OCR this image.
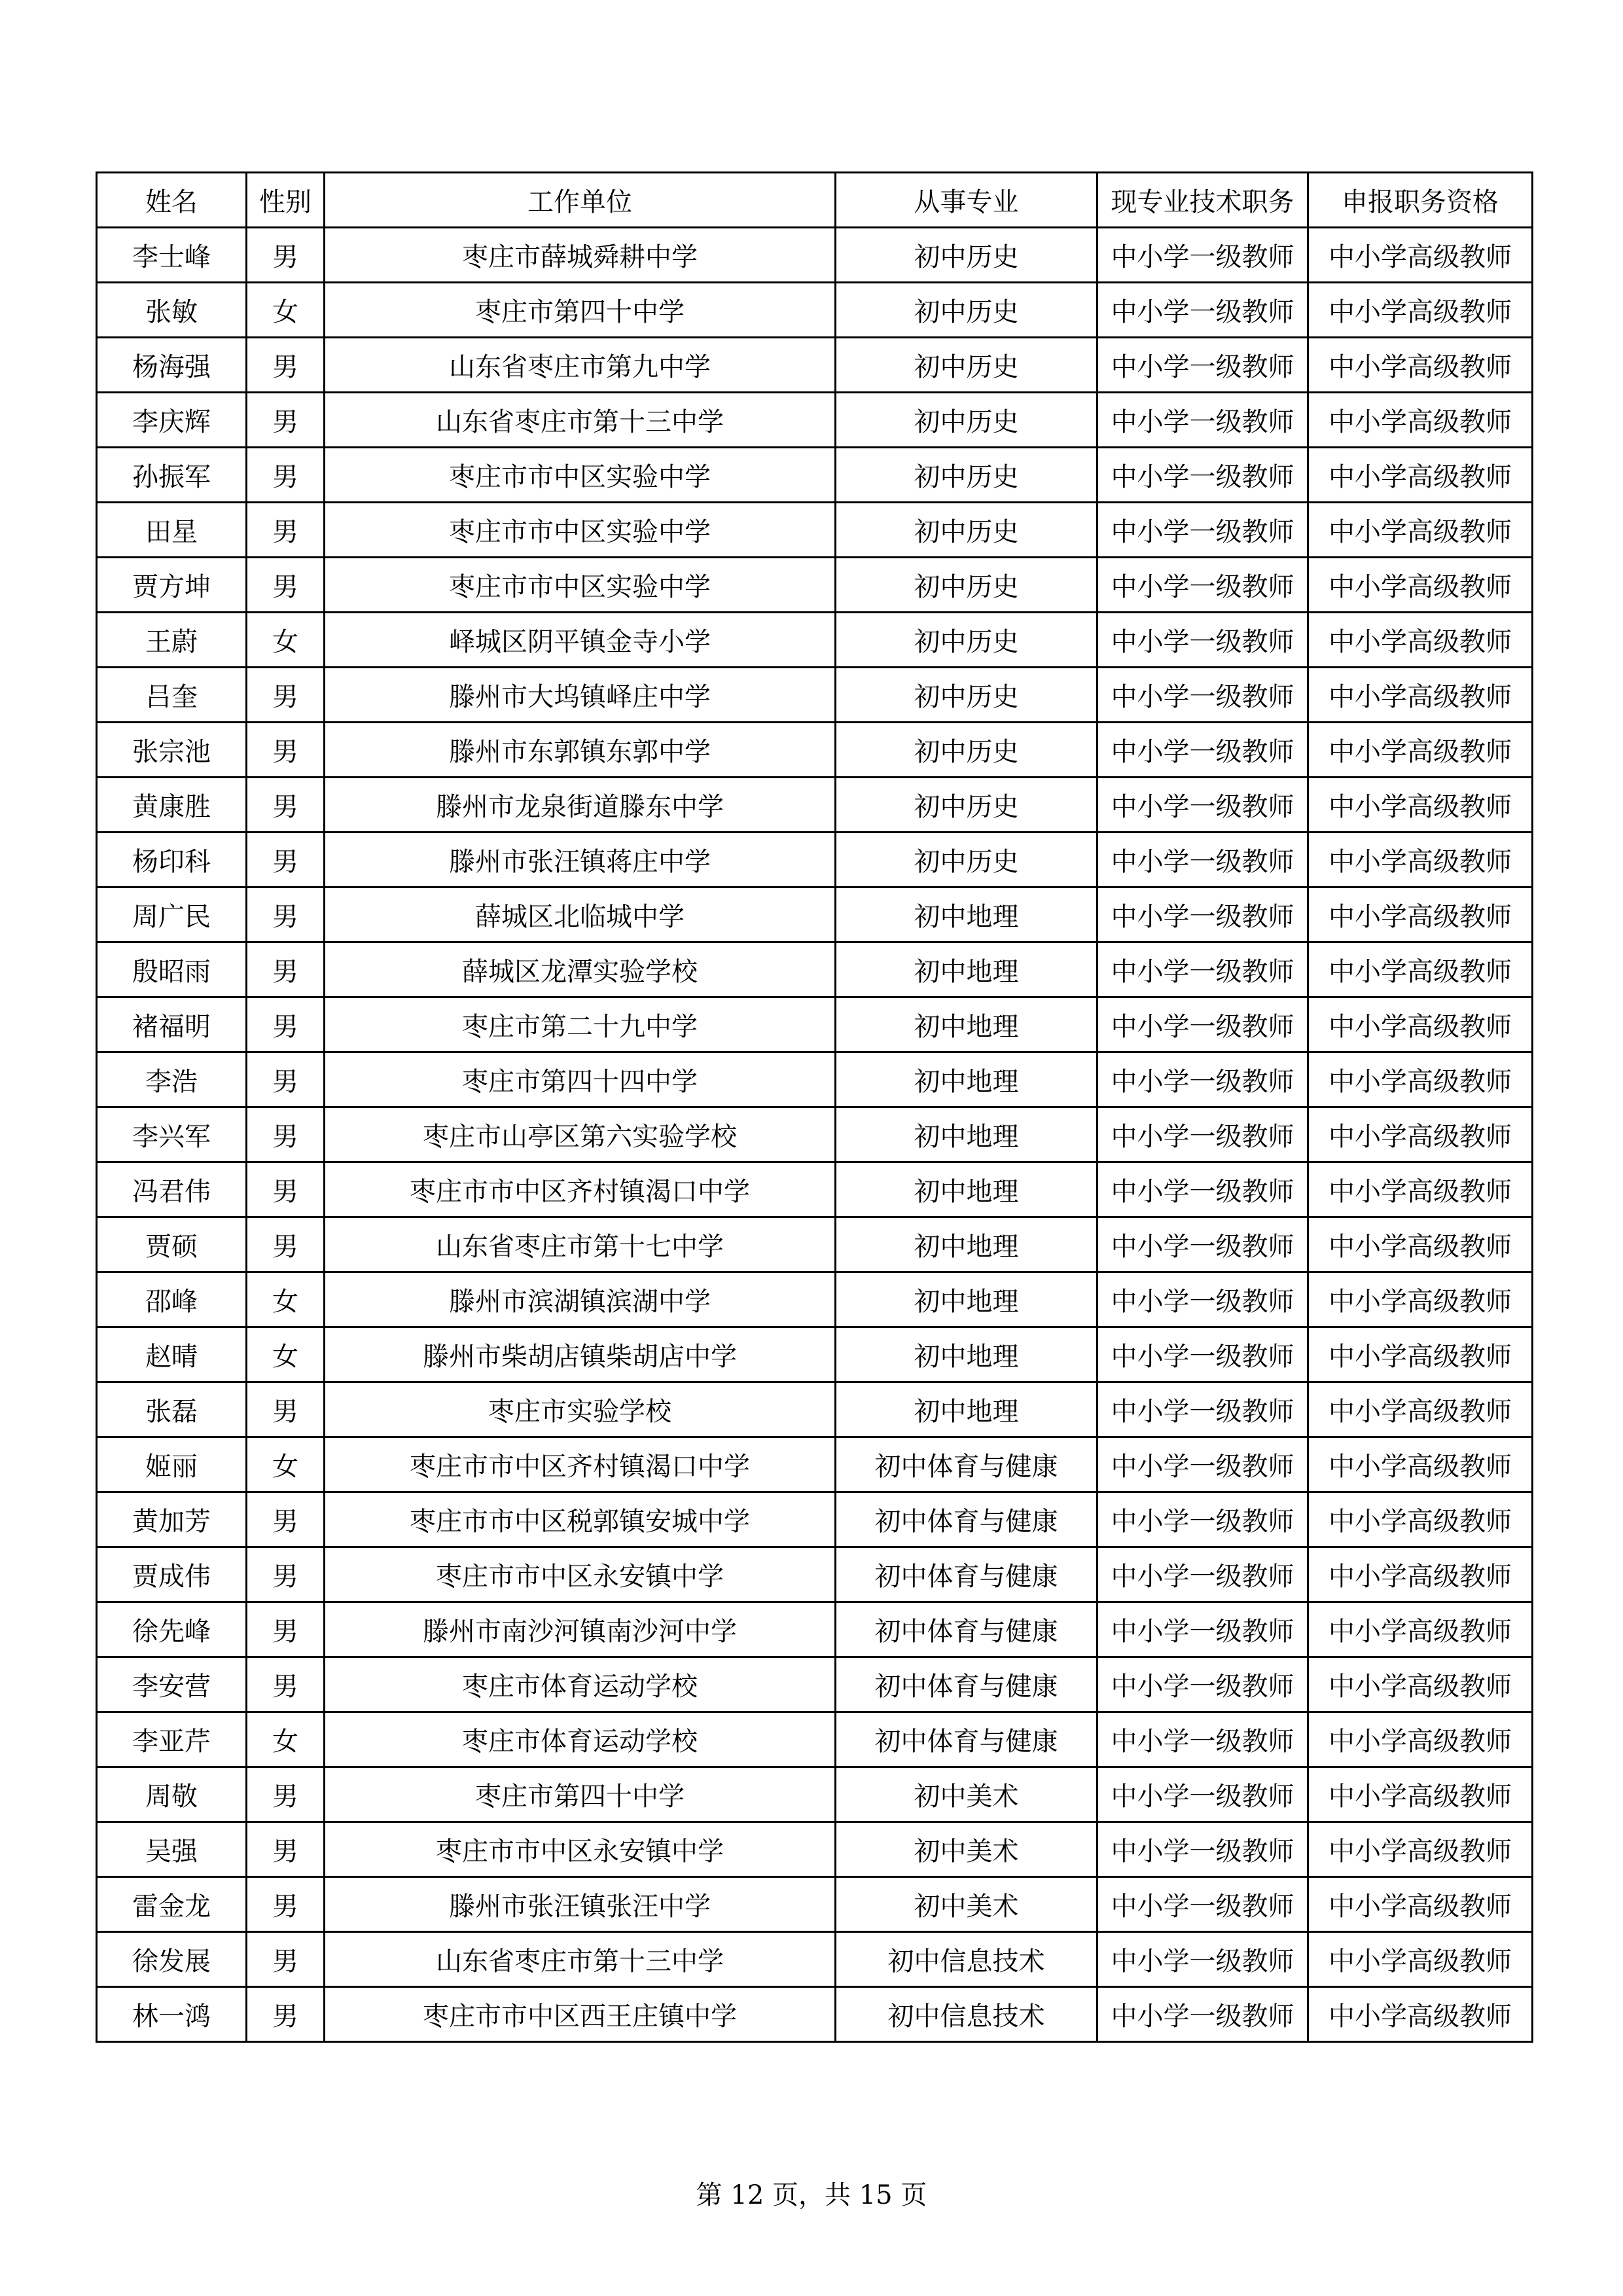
姓名	性别	工作单位	从事专业	现专业技术职务	申报职务资格
李士峰	男	枣庄市薛城舜耕中学	初中历史	中小学一级教师	中小学高级教师
张敏	女	枣庄市第四十中学	初中历史	中小学一级教师	中小学高级教师
杨海强	男	山东省枣庄市第九中学	初中历史	中小学一级教师	中小学高级教师
李庆辉	男	山东省枣庄市第十三中学	初中历史	中小学一级教师	中小学高级教师
孙振军	男	枣庄市市中区实验中学	初中历史	中小学一级教师	中小学高级教师
田星	男	枣庄市市中区实验中学	初中历史	中小学一级教师	中小学高级教师
贾方坤	男	枣庄市市中区实验中学	初中历史	中小学一级教师	中小学高级教师
王蔚	女	峄城区阴平镇金寺小学	初中历史	中小学一级教师	中小学高级教师
吕奎	男	滕州市大坞镇峄庄中学	初中历史	中小学一级教师	中小学高级教师
张宗池	男	滕州市东郭镇东郭中学	初中历史	中小学一级教师	中小学高级教师
黄康胜	男	滕州市龙泉街道滕东中学	初中历史	中小学一级教师	中小学高级教师
杨印科	男	滕州市张汪镇蒋庄中学	初中历史	中小学一级教师	中小学高级教师
周广民	男	薛城区北临城中学	初中地理	中小学一级教师	中小学高级教师
殷昭雨	男	薛城区龙潭实验学校	初中地理	中小学一级教师	中小学高级教师
褚福明	男	枣庄市第二十九中学	初中地理	中小学一级教师	中小学高级教师
李浩	男	枣庄市第四十四中学	初中地理	中小学一级教师	中小学高级教师
李兴军	男	枣庄市山亭区第六实验学校	初中地理	中小学一级教师	中小学高级教师
冯君伟	男	枣庄市市中区齐村镇渴口中学	初中地理	中小学一级教师	中小学高级教师
贾硕	男	山东省枣庄市第十七中学	初中地理	中小学一级教师	中小学高级教师
邵峰	女	滕州市滨湖镇滨湖中学	初中地理	中小学一级教师	中小学高级教师
赵晴	女	滕州市柴胡店镇柴胡店中学	初中地理	中小学一级教师	中小学高级教师
张磊	男	枣庄市实验学校	初中地理	中小学一级教师	中小学高级教师
姬丽	女	枣庄市市中区齐村镇渴口中学	初中体育与健康	中小学一级教师	中小学高级教师
黄加芳	男	枣庄市市中区税郭镇安城中学	初中体育与健康	中小学一级教师	中小学高级教师
贾成伟	男	枣庄市市中区永安镇中学	初中体育与健康	中小学一级教师	中小学高级教师
徐先峰	男	滕州市南沙河镇南沙河中学	初中体育与健康	中小学一级教师	中小学高级教师
李安营	男	枣庄市体育运动学校	初中体育与健康	中小学一级教师	中小学高级教师
李亚芹	女	枣庄市体育运动学校	初中体育与健康	中小学一级教师	中小学高级教师
周敬	男	枣庄市第四十中学	初中美术	中小学一级教师	中小学高级教师
吴强	男	枣庄市市中区永安镇中学	初中美术	中小学一级教师	中小学高级教师
雷金龙	男	滕州市张汪镇张汪中学	初中美术	中小学一级教师	中小学高级教师
徐发展	男	山东省枣庄市第十三中学	初中信息技术	中小学一级教师	中小学高级教师
林一鸿	男	枣庄市市中区西王庄镇中学	初中信息技术	中小学一级教师	中小学高级教师
第 12 页，共 15 页
